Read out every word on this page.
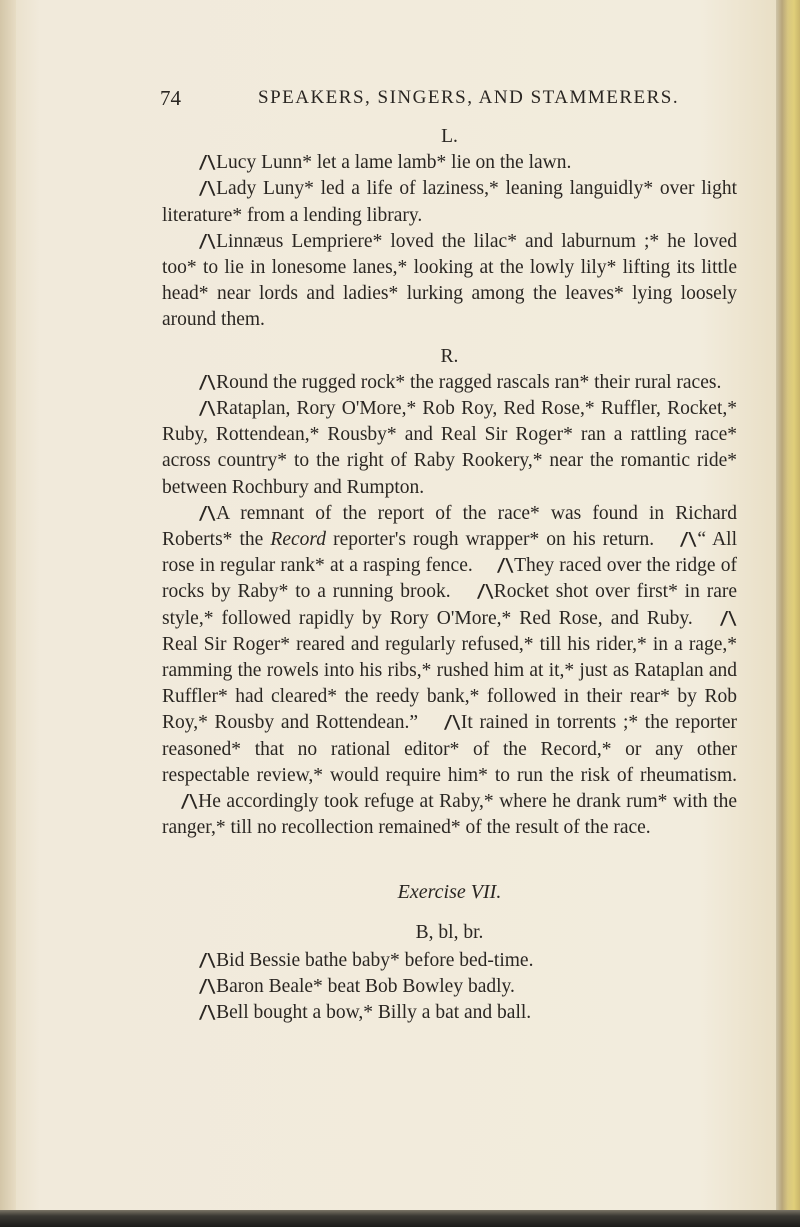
74	SPEAKERS, SINGERS, AND STAMMERERS.

L.

/\Lucy Lunn* let a lame lamb* lie on the lawn.

/\Lady Luny* led a life of laziness,* leaning languidly* over light literature* from a lending library.

/\Linnæus Lempriere* loved the lilac* and laburnum ;* he loved too* to lie in lonesome lanes,* looking at the lowly lily* lifting its little head* near lords and ladies* lurking among the leaves* lying loosely around them.

R.

/\Round the rugged rock* the ragged rascals ran* their rural races.

/\Rataplan, Rory O'More,* Rob Roy, Red Rose,* Ruffler, Rocket,* Ruby, Rottendean,* Rousby* and Real Sir Roger* ran a rattling race* across country* to the right of Raby Rookery,* near the romantic ride* between Rochbury and Rumpton.

/\A remnant of the report of the race* was found in Richard Roberts* the Record reporter's rough wrapper* on his return. /\“ All rose in regular rank* at a rasping fence. /\They raced over the ridge of rocks by Raby* to a running brook. /\Rocket shot over first* in rare style,* followed rapidly by Rory O'More,* Red Rose, and Ruby. /\Real Sir Roger* reared and regularly refused,* till his rider,* in a rage,* ramming the rowels into his ribs,* rushed him at it,* just as Rataplan and Ruffler* had cleared* the reedy bank,* followed in their rear* by Rob Roy,* Rousby and Rottendean.” /\It rained in torrents ;* the reporter reasoned* that no rational editor* of the Record,* or any other respectable review,* would require him* to run the risk of rheumatism. /\He accordingly took refuge at Raby,* where he drank rum* with the ranger,* till no recollection remained* of the result of the race.

Exercise VII.

B, bl, br.

/\Bid Bessie bathe baby* before bed-time.

/\Baron Beale* beat Bob Bowley badly.

/\Bell bought a bow,* Billy a bat and ball.
